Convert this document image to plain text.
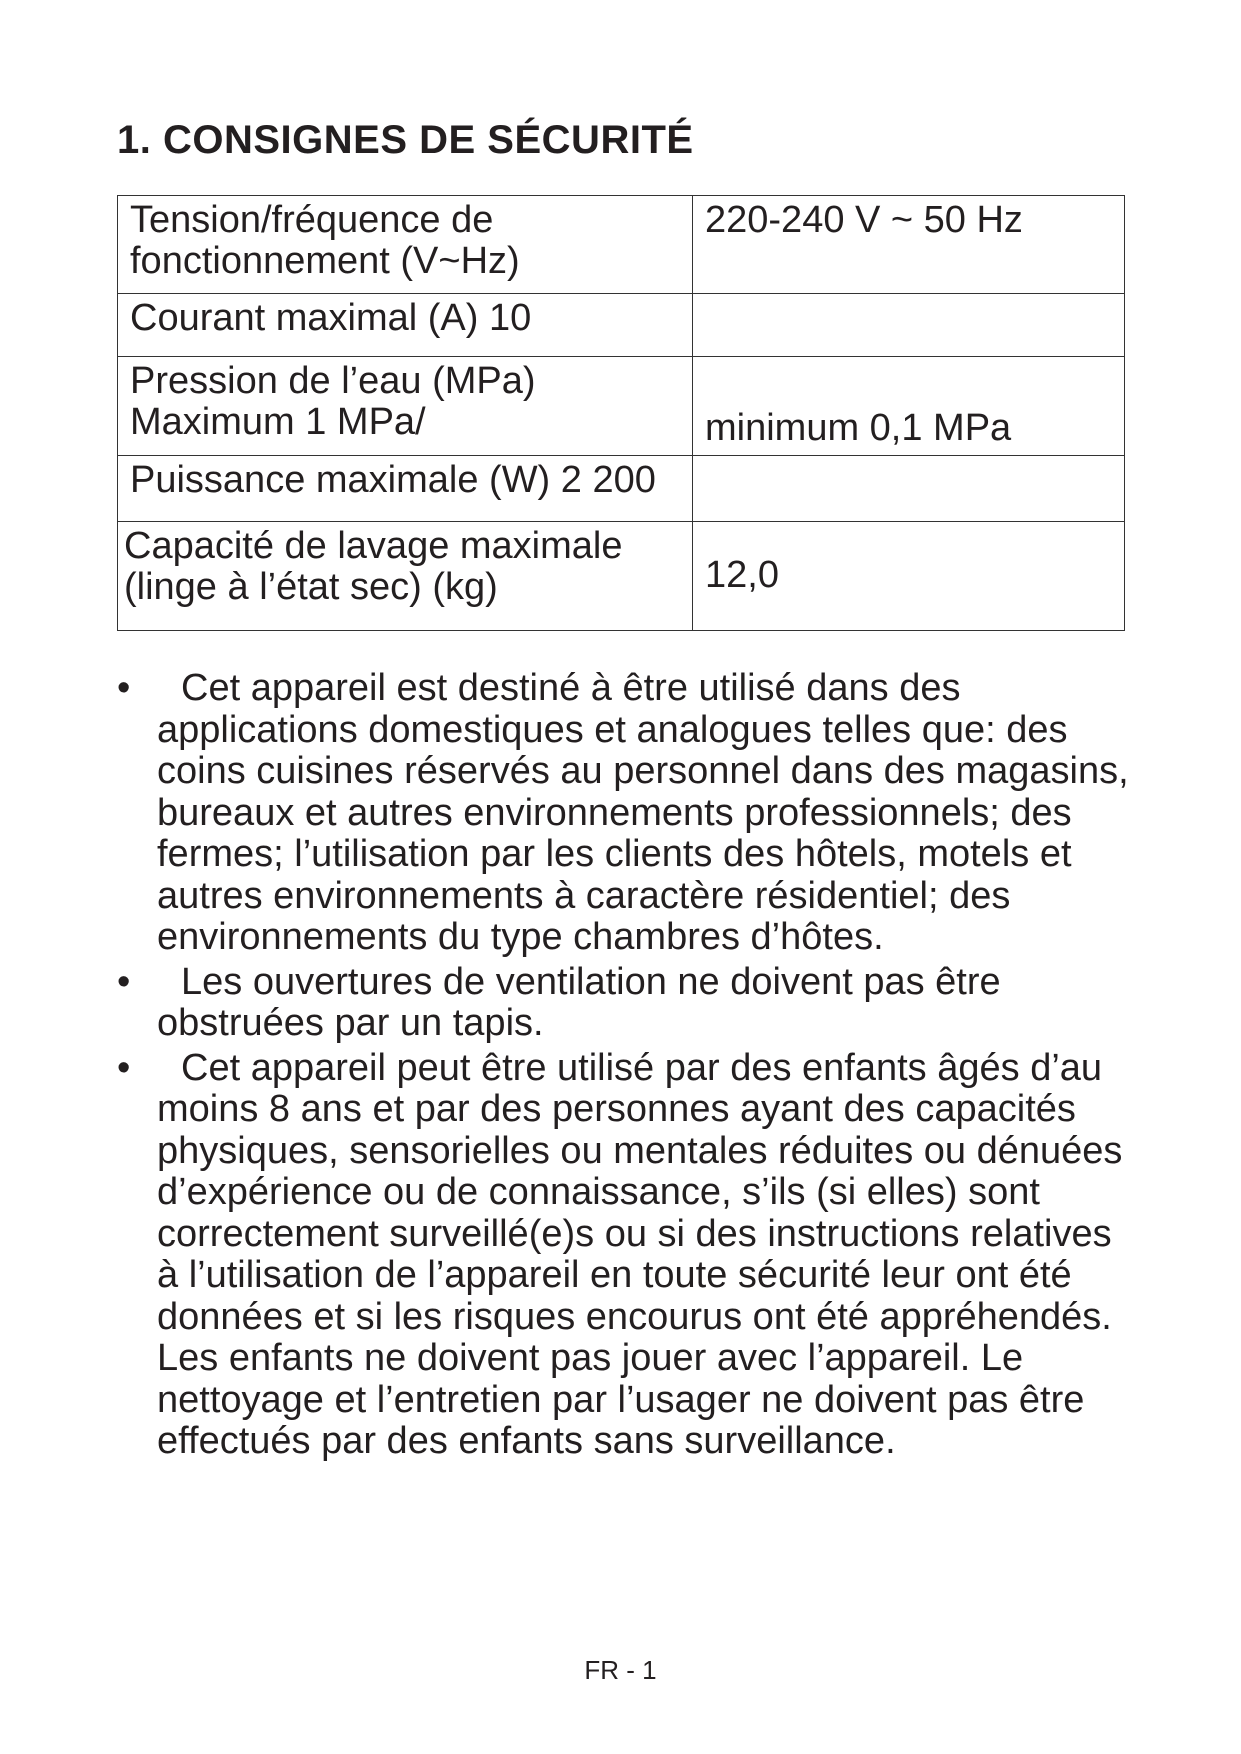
1. CONSIGNES DE SÉCURITÉ
Tension/fréquence de fonctionnement (V~Hz)	220-240 V ~ 50 Hz
Courant maximal (A) 10	
Pression de l’eau (MPa) Maximum 1 MPa/	minimum 0,1 MPa
Puissance maximale (W) 2 200	
Capacité de lavage maximale (linge à l’état sec) (kg)	12,0
•	Cet appareil est destiné à être utilisé dans des applications domestiques et analogues telles que: des coins cuisines réservés au personnel dans des magasins, bureaux et autres environnements professionnels; des fermes; l’utilisation par les clients des hôtels, motels et autres environnements à caractère résidentiel; des environnements du type chambres d’hôtes.
•	Les ouvertures de ventilation ne doivent pas être obstruées par un tapis.
•	Cet appareil peut être utilisé par des enfants âgés d’au moins 8 ans et par des personnes ayant des capacités physiques, sensorielles ou mentales réduites ou dénuées d’expérience ou de connaissance, s’ils (si elles) sont correctement surveillé(e)s ou si des instructions relatives à l’utilisation de l’appareil en toute sécurité leur ont été données et si les risques encourus ont été appréhendés. Les enfants ne doivent pas jouer avec l’appareil. Le nettoyage et l’entretien par l’usager ne doivent pas être effectués par des enfants sans surveillance.
FR - 1
